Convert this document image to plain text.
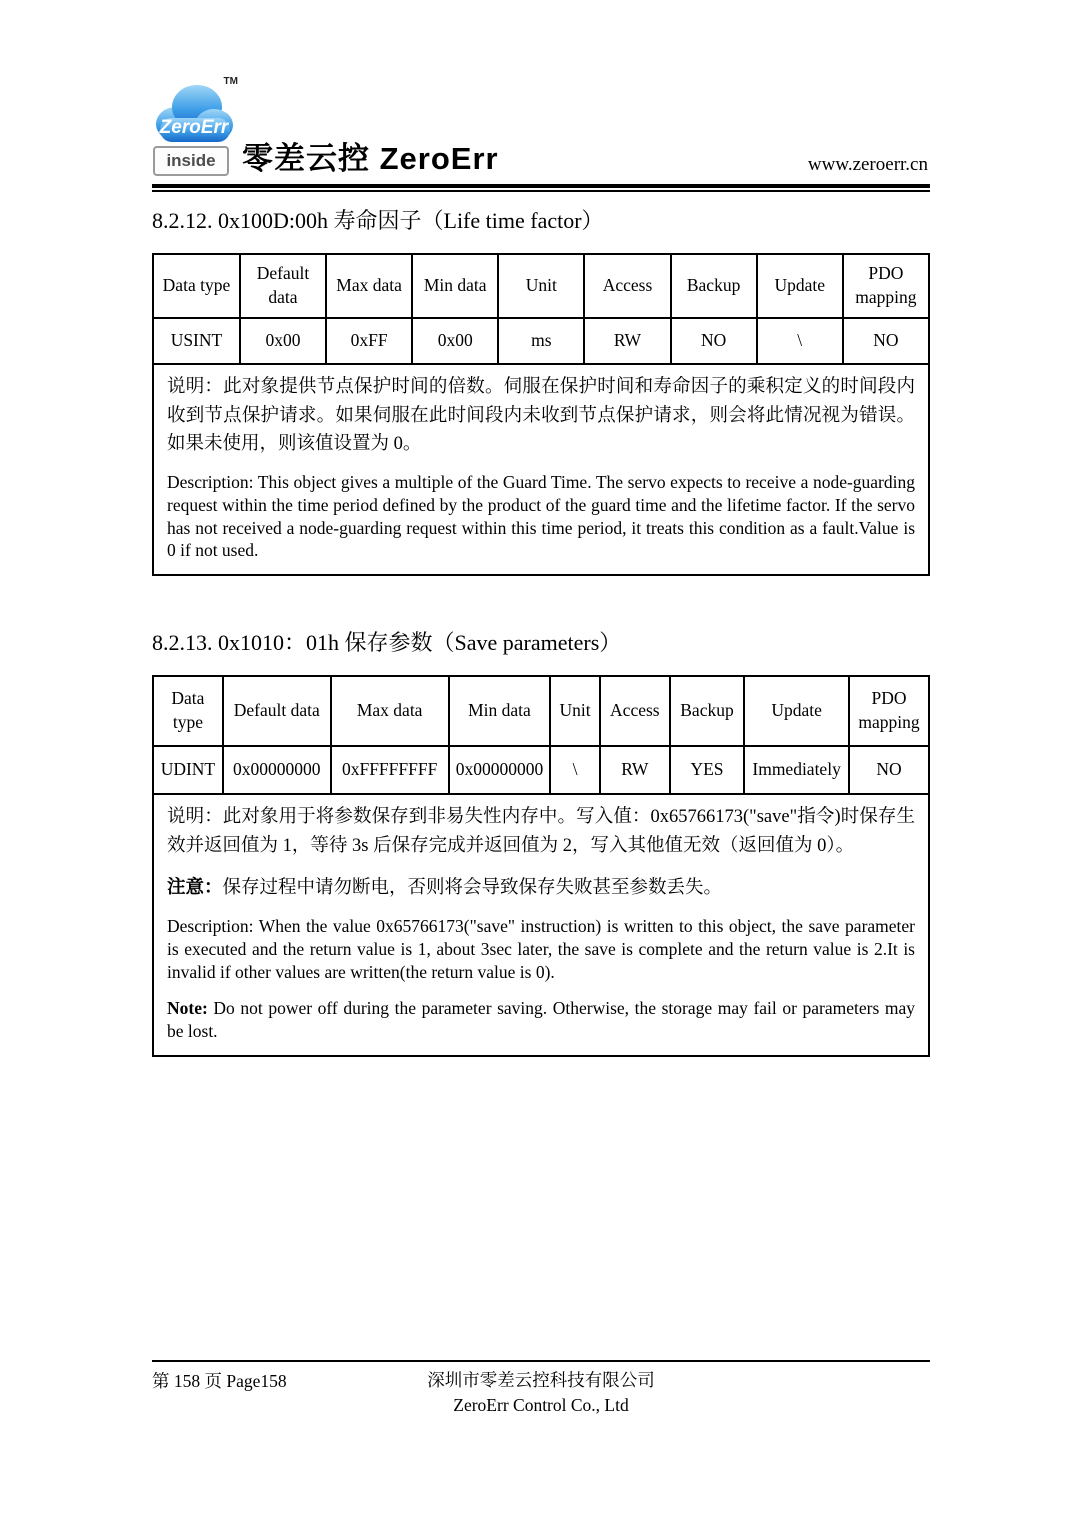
inside
ZeroErr
TM
零差云控 ZeroErr	www.zeroerr.cn
8.2.12. 0x100D:00h 寿命因子（Life time factor）
Data type	Default data	Max data	Min data	Unit	Access	Backup	Update	PDO mapping
USINT	0x00	0xFF	0x00	ms	RW	NO	\	NO

说明：此对象提供节点保护时间的倍数。伺服在保护时间和寿命因子的乘积定义的时间段内收到节点保护请求。如果伺服在此时间段内未收到节点保护请求，则会将此情况视为错误。如果未使用，则该值设置为 0。

Description: This object gives a multiple of the Guard Time. The servo expects to receive a node-guarding request within the time period defined by the product of the guard time and the lifetime factor. If the servo has not received a node-guarding request within this time period, it treats this condition as a fault.Value is 0 if not used.								

8.2.13. 0x1010：01h 保存参数（Save parameters）
Data type	Default data	Max data	Min data	Unit	Access	Backup	Update	PDO mapping
UDINT	0x00000000	0xFFFFFFFF	0x00000000	\	RW	YES	Immediately	NO

说明：此对象用于将参数保存到非易失性内存中。写入值：0x65766173("save"指令)时保存生效并返回值为 1，等待 3s 后保存完成并返回值为 2，写入其他值无效（返回值为 0）。

注意：保存过程中请勿断电，否则将会导致保存失败甚至参数丢失。

Description: When the value 0x65766173("save" instruction) is written to this object, the save parameter is executed and the return value is 1, about 3sec later, the save is complete and the return value is 2.It is invalid if other values are written(the return value is 0).

Note: Do not power off during the parameter saving. Otherwise, the storage may fail or parameters may be lost.								

第 158 页 Page158	深圳市零差云控科技有限公司
ZeroErr Control Co., Ltd
